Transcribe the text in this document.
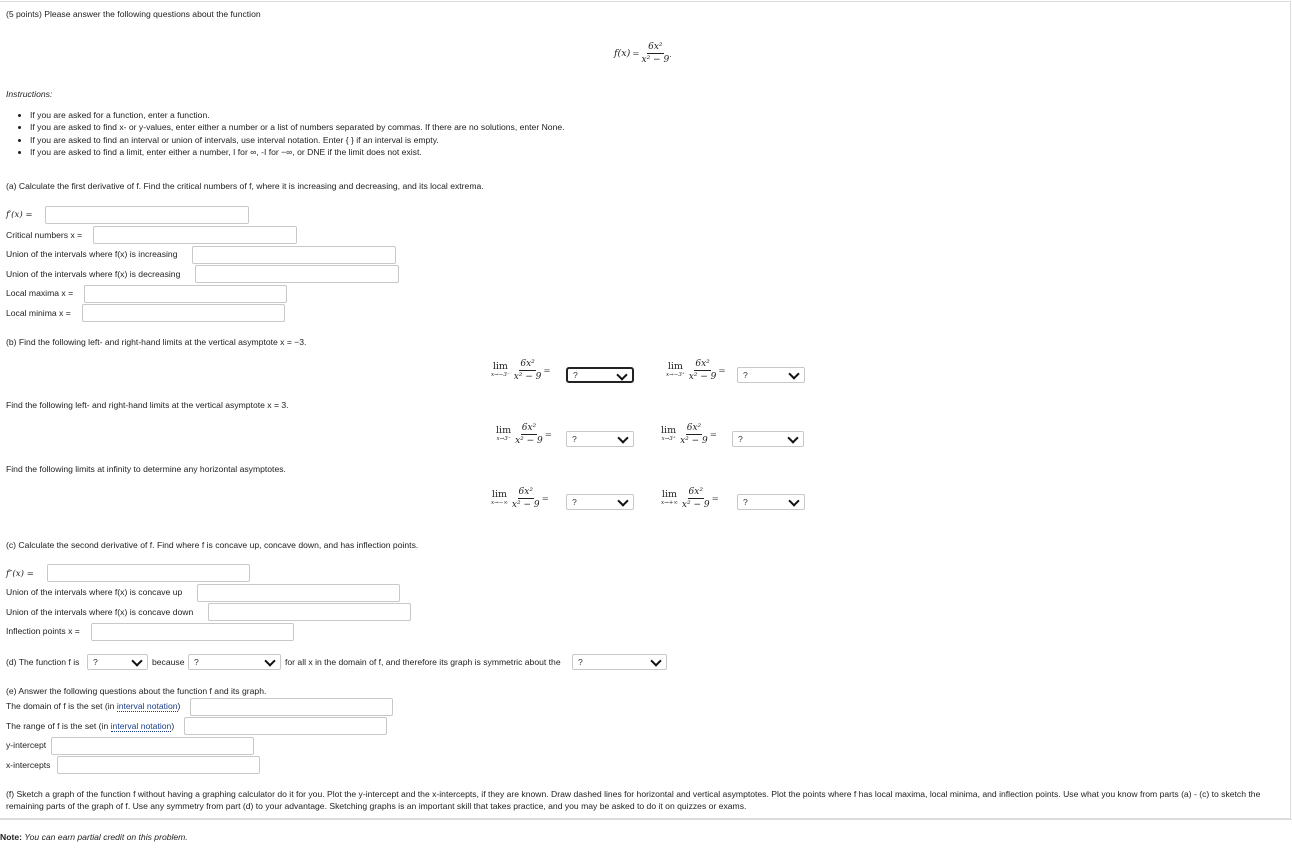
(5 points) Please answer the following questions about the function
$f(x) = \frac{\text{6x²}}{\text{x² − 9}}$ .
Instructions:
• If you are asked for a function, enter a function.
• If you are asked to find x- or y-values, enter either a number or a list of numbers separated by commas. If there are no solutions, enter None.
• If you are asked to find an interval or union of intervals, use interval notation. Enter { } if an interval is empty.
• If you are asked to find a limit, enter either a number, I for ∞, -I for −∞, or DNE if the limit does not exist.
(a) Calculate the first derivative of f. Find the critical numbers of f, where it is increasing and decreasing, and its local extrema.
f′(x) =
Critical numbers x =
Union of the intervals where f(x) is increasing
Union of the intervals where f(x) is decreasing
Local maxima x =
Local minima x =
(b) Find the following left- and right-hand limits at the vertical asymptote x = −3.
lim
$x\to-3^- \frac{\text{6x²}}{\text{x² − 9}}$ =	?
lim
$x\to-3^+ \frac{\text{6x²}}{\text{x² − 9}}$ =	?
Find the following left- and right-hand limits at the vertical asymptote x = 3.
lim
$x\to 3^- \frac{\text{6x²}}{\text{x² − 9}}$ =	?
lim
$x\to 3^+ \frac{\text{6x²}}{\text{x² − 9}}$ =	?
Find the following limits at infinity to determine any horizontal asymptotes.
lim
$x\to-\infty \frac{\text{6x²}}{\text{x² − 9}}$ =	?
lim
$x\to+\infty \frac{\text{6x²}}{\text{x² − 9}}$ =	?
(c) Calculate the second derivative of f. Find where f is concave up, concave down, and has inflection points.
f″(x) =
Union of the intervals where f(x) is concave up
Union of the intervals where f(x) is concave down
Inflection points x =
(d) The function f is	?	because	?	for all x in the domain of f, and therefore its graph is symmetric about the	?
(e) Answer the following questions about the function f and its graph.
The domain of f is the set (in interval notation)
The range of f is the set (in interval notation)
y-intercept
x-intercepts
(f) Sketch a graph of the function f without having a graphing calculator do it for you. Plot the y-intercept and the x-intercepts, if they are known. Draw dashed lines for horizontal and vertical asymptotes. Plot the points where f has local maxima, local minima, and inflection points. Use what you know from parts (a) - (c) to sketch the remaining parts of the graph of f. Use any symmetry from part (d) to your advantage. Sketching graphs is an important skill that takes practice, and you may be asked to do it on quizzes or exams.
Note: You can earn partial credit on this problem.
